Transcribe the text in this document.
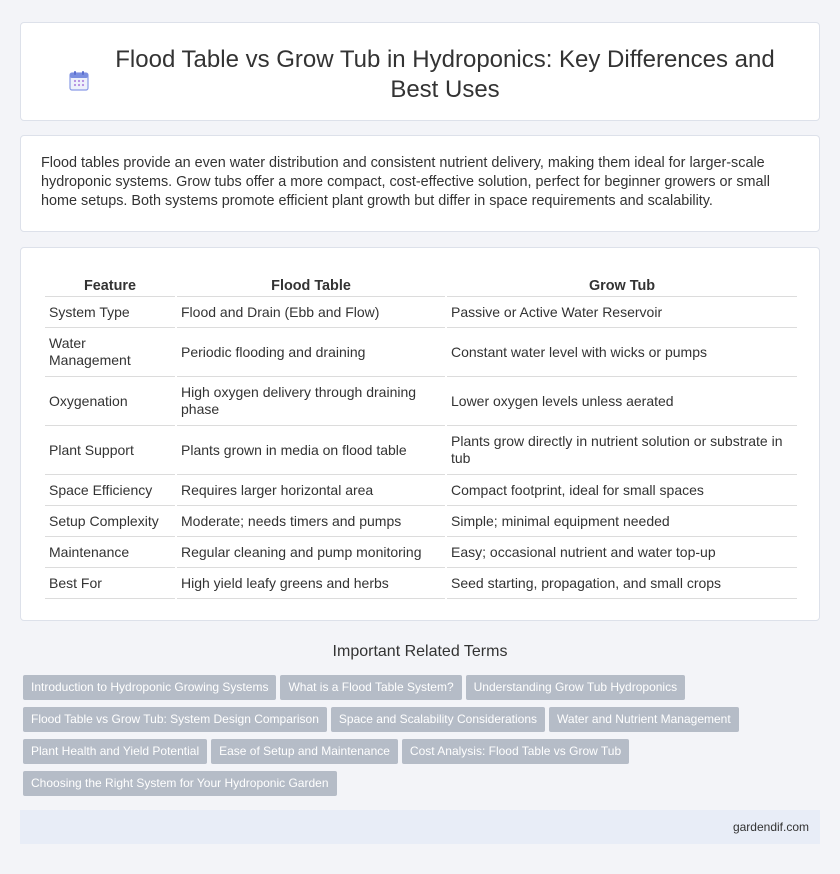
Flood Table vs Grow Tub in Hydroponics: Key Differences and Best Uses

Flood tables provide an even water distribution and consistent nutrient delivery, making them ideal for larger-scale hydroponic systems. Grow tubs offer a more compact, cost-effective solution, perfect for beginner growers or small home setups. Both systems promote efficient plant growth but differ in space requirements and scalability.

Feature	Flood Table	Grow Tub
System Type	Flood and Drain (Ebb and Flow)	Passive or Active Water Reservoir
Water Management	Periodic flooding and draining	Constant water level with wicks or pumps
Oxygenation	High oxygen delivery through draining phase	Lower oxygen levels unless aerated
Plant Support	Plants grown in media on flood table	Plants grow directly in nutrient solution or substrate in tub
Space Efficiency	Requires larger horizontal area	Compact footprint, ideal for small spaces
Setup Complexity	Moderate; needs timers and pumps	Simple; minimal equipment needed
Maintenance	Regular cleaning and pump monitoring	Easy; occasional nutrient and water top-up
Best For	High yield leafy greens and herbs	Seed starting, propagation, and small crops
Important Related Terms
Introduction to Hydroponic Growing Systems What is a Flood Table System? Understanding Grow Tub Hydroponics
Flood Table vs Grow Tub: System Design Comparison Space and Scalability Considerations Water and Nutrient Management
Plant Health and Yield Potential Ease of Setup and Maintenance Cost Analysis: Flood Table vs Grow Tub
Choosing the Right System for Your Hydroponic Garden
gardendif.com
